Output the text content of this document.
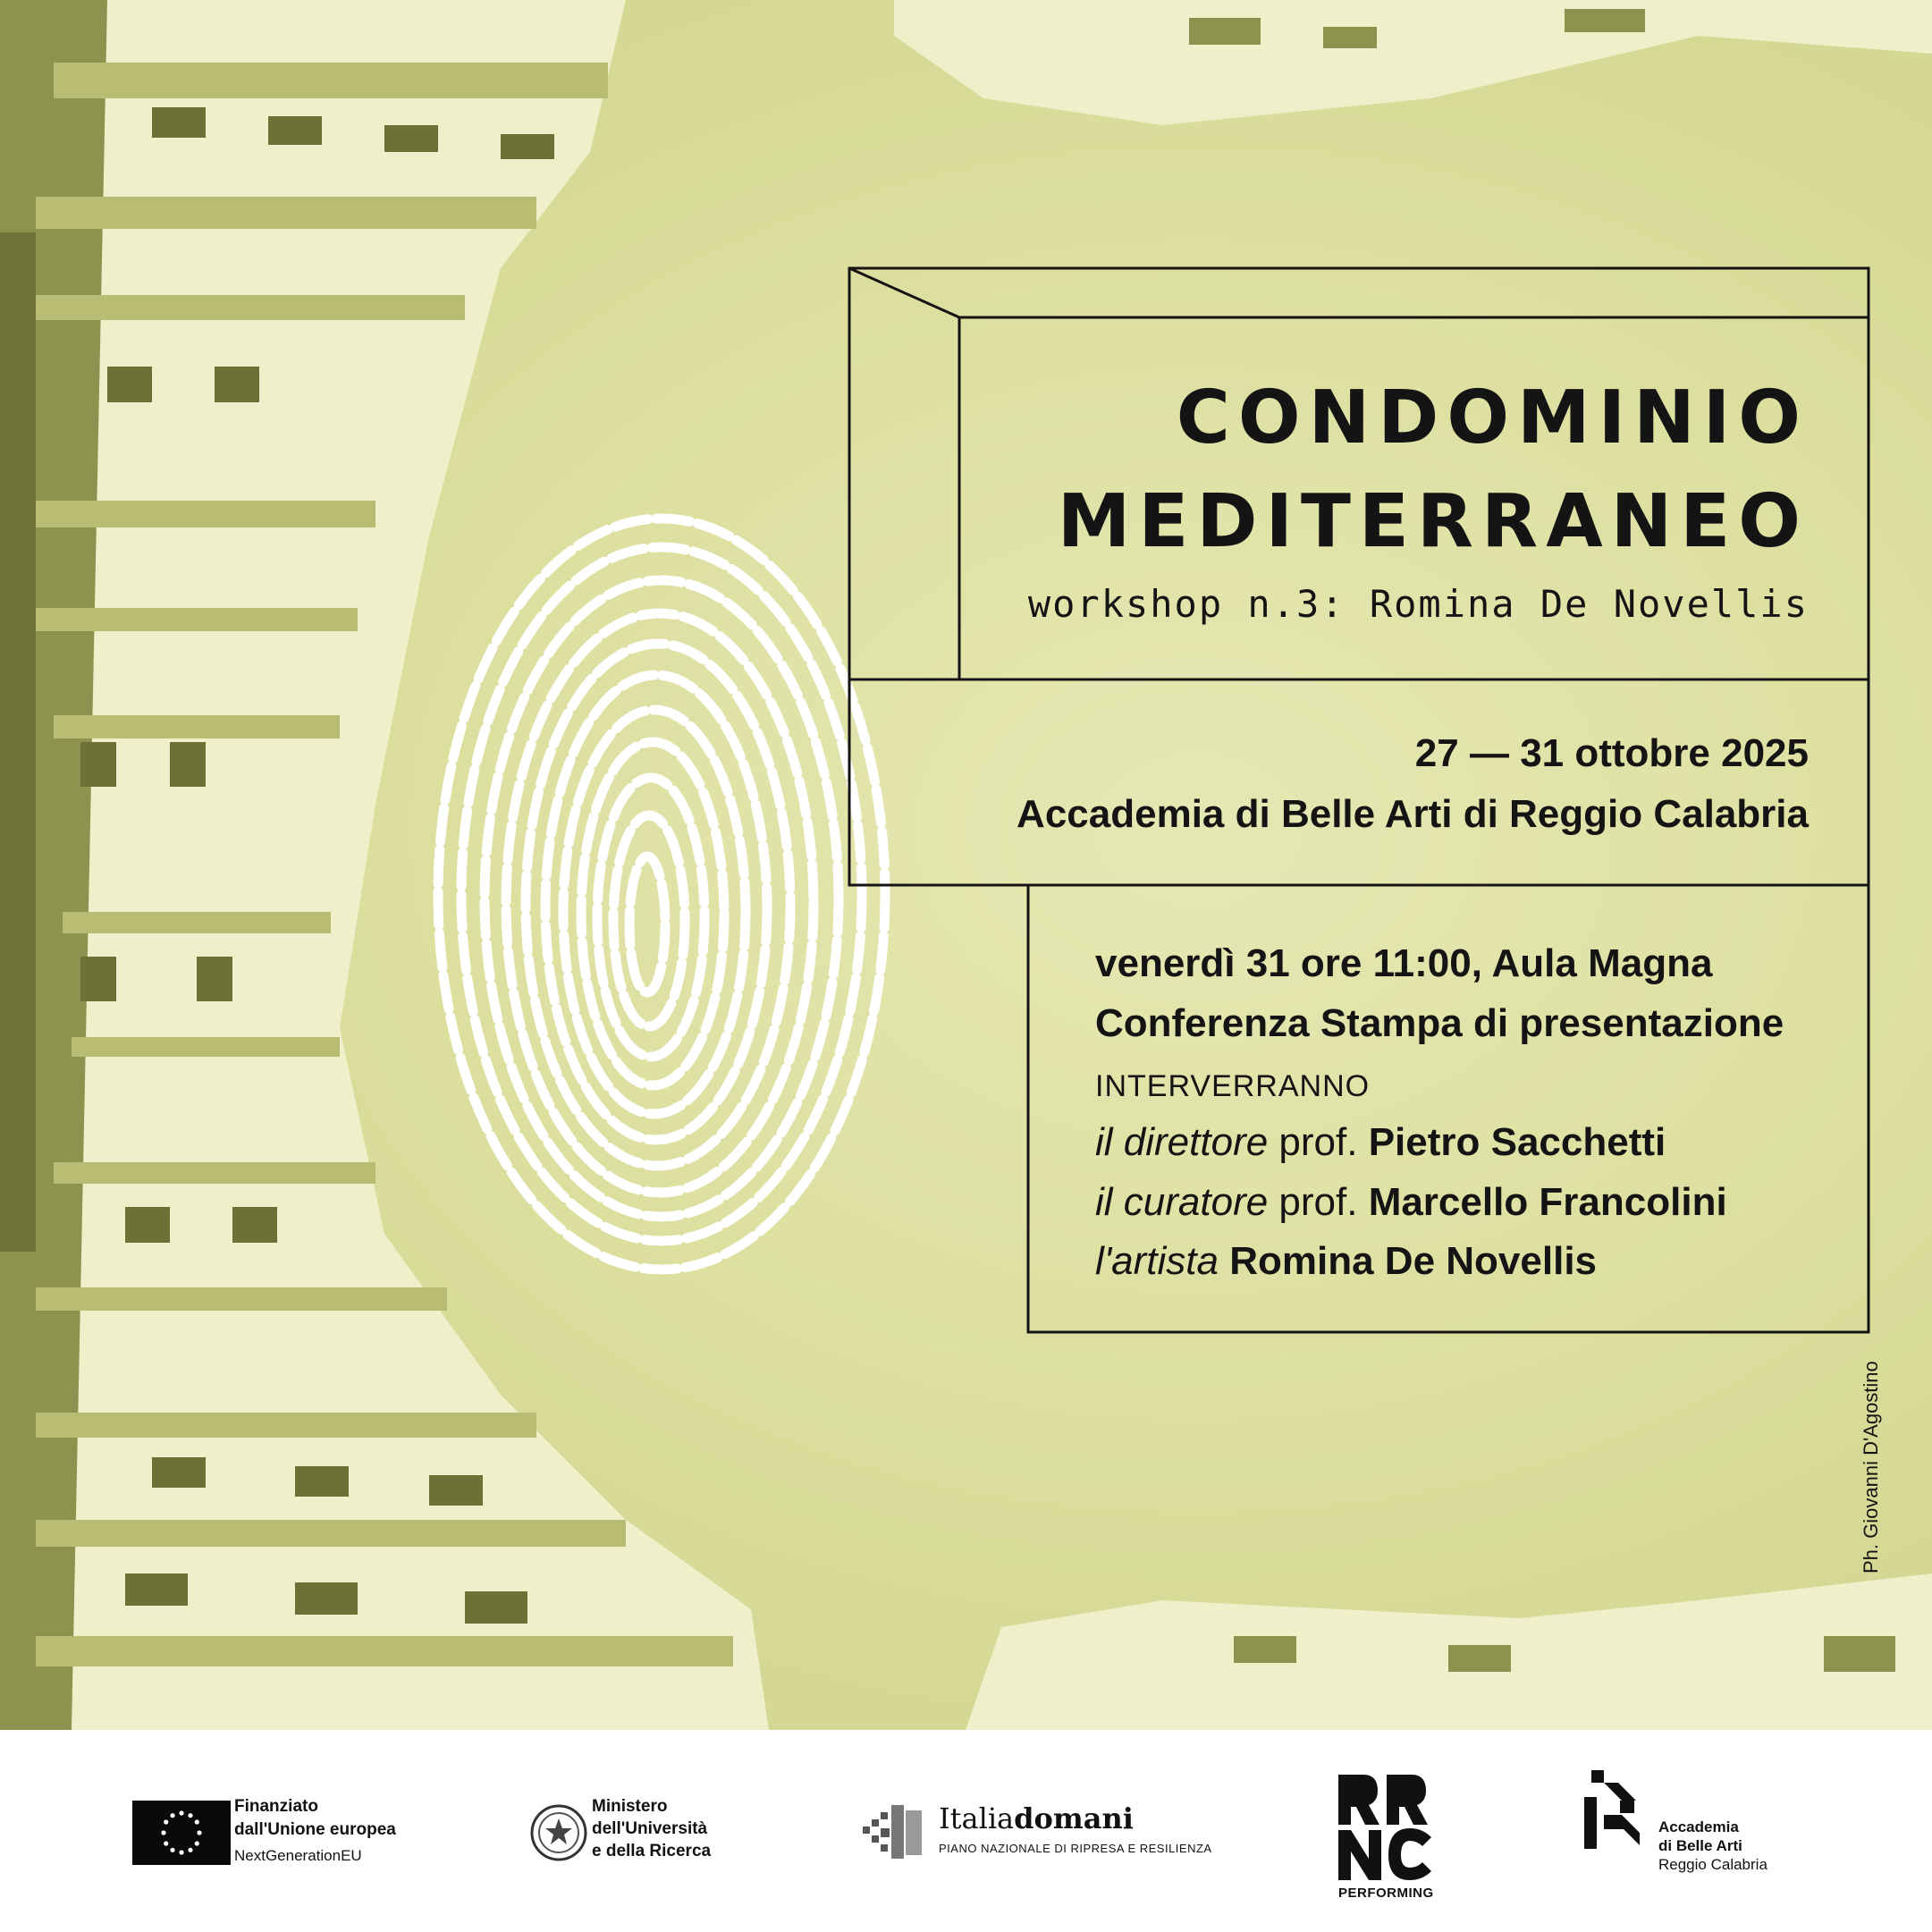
CONDOMINIO
MEDITERRANEO
workshop n.3: Romina De Novellis
27 — 31 ottobre 2025
Accademia di Belle Arti di Reggio Calabria
venerdì 31 ore 11:00, Aula Magna
Conferenza Stampa di presentazione
INTERVERRANNO
il direttore prof. Pietro Sacchetti
il curatore prof. Marcello Francolini
l'artista Romina De Novellis
Ph. Giovanni D'Agostino
Finanziato
dall'Unione europea
NextGenerationEU
Ministero
dell'Università
e della Ricerca
Italiadomani
PIANO NAZIONALE DI RIPRESA E RESILIENZA
PERFORMING
Accademia
di Belle Arti
Reggio Calabria
